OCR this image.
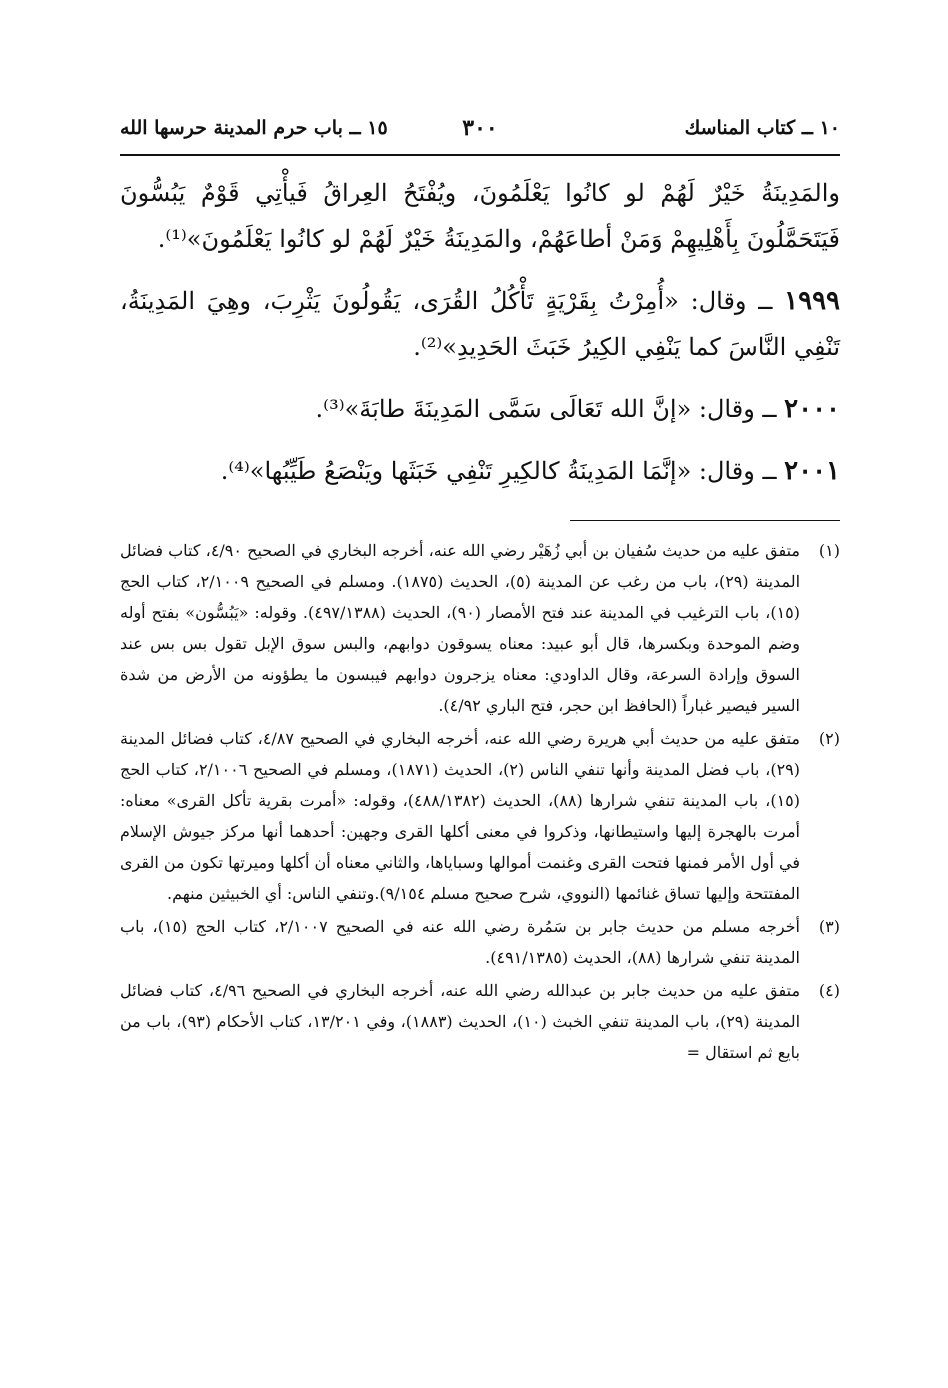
١٠ ــ كتاب المناسك
٣٠٠
١٥ ــ باب حرم المدينة حرسها الله

والمَدِينَةُ خَيْرٌ لَهُمْ لو كانُوا يَعْلَمُونَ، ويُفْتَحُ العِراقُ فَيأْتِي قَوْمٌ يَبُسُّونَ فَيَتَحَمَّلُونَ بِأَهْلِيهِمْ وَمَنْ أطاعَهُمْ، والمَدِينَةُ خَيْرٌ لَهُمْ لو كانُوا يَعْلَمُونَ»⁽¹⁾.

١٩٩٩ ــ وقال: «أُمِرْتُ بِقَرْيَةٍ تَأْكُلُ القُرَى، يَقُولُونَ يَثْرِبَ، وهِيَ المَدِينَةُ، تَنْفِي النَّاسَ كما يَنْفِي الكِيرُ خَبَثَ الحَدِيدِ»⁽²⁾.

٢٠٠٠ ــ وقال: «إنَّ الله تَعَالَى سَمَّى المَدِينَةَ طابَةَ»⁽³⁾.

٢٠٠١ ــ وقال: «إنَّمَا المَدِينَةُ كالكِيرِ تَنْفِي خَبَثَها ويَنْصَعُ طَيِّبُها»⁽⁴⁾.

(١)
متفق عليه من حديث سُفيان بن أبي زُهَيْر رضي الله عنه، أخرجه البخاري في الصحيح ٤/٩٠، كتاب فضائل المدينة (٢٩)، باب من رغب عن المدينة (٥)، الحديث (١٨٧٥). ومسلم في الصحيح ٢/١٠٠٩، كتاب الحج (١٥)، باب الترغيب في المدينة عند فتح الأمصار (٩٠)، الحديث (٤٩٧/١٣٨٨). وقوله: «يَبُسُّون» بفتح أوله وضم الموحدة وبكسرها، قال أبو عبيد: معناه يسوقون دوابهم، والبس سوق الإبل تقول بس بس عند السوق وإرادة السرعة، وقال الداودي: معناه يزجرون دوابهم فيبسون ما يطؤونه من الأرض من شدة السير فيصير غباراً (الحافظ ابن حجر، فتح الباري ٤/٩٢).
(٢)
متفق عليه من حديث أبي هريرة رضي الله عنه، أخرجه البخاري في الصحيح ٤/٨٧، كتاب فضائل المدينة (٢٩)، باب فضل المدينة وأنها تنفي الناس (٢)، الحديث (١٨٧١)، ومسلم في الصحيح ٢/١٠٠٦، كتاب الحج (١٥)، باب المدينة تنفي شرارها (٨٨)، الحديث (٤٨٨/١٣٨٢)، وقوله: «أمرت بقرية تأكل القرى» معناه: أمرت بالهجرة إليها واستيطانها، وذكروا في معنى أكلها القرى وجهين: أحدهما أنها مركز جيوش الإسلام في أول الأمر فمنها فتحت القرى وغنمت أموالها وسباياها، والثاني معناه أن أكلها وميرتها تكون من القرى المفتتحة وإليها تساق غنائمها (النووي، شرح صحيح مسلم ٩/١٥٤).وتنفي الناس: أي الخبيثين منهم.
(٣)
أخرجه مسلم من حديث جابر بن سَمُرة رضي الله عنه في الصحيح ٢/١٠٠٧، كتاب الحج (١٥)، باب المدينة تنفي شرارها (٨٨)، الحديث (٤٩١/١٣٨٥).
(٤)
متفق عليه من حديث جابر بن عبدالله رضي الله عنه، أخرجه البخاري في الصحيح ٤/٩٦، كتاب فضائل المدينة (٢٩)، باب المدينة تنفي الخبث (١٠)، الحديث (١٨٨٣)، وفي ١٣/٢٠١، كتاب الأحكام (٩٣)، باب من بايع ثم استقال =
